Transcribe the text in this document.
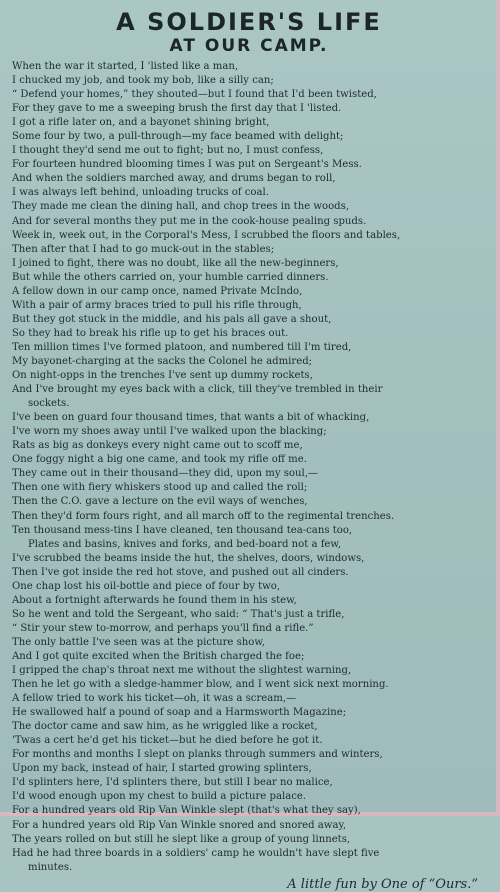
A SOLDIER'S LIFE
AT OUR CAMP.
When the war it started, I 'listed like a man,
I chucked my job, and took my bob, like a silly can;
“ Defend your homes,” they shouted—but I found that I'd been twisted,
For they gave to me a sweeping brush the first day that I 'listed.
I got a rifle later on, and a bayonet shining bright,
Some four by two, a pull-through—my face beamed with delight;
I thought they'd send me out to fight; but no, I must confess,
For fourteen hundred blooming times I was put on Sergeant's Mess.
And when the soldiers marched away, and drums began to roll,
I was always left behind, unloading trucks of coal.
They made me clean the dining hall, and chop trees in the woods,
And for several months they put me in the cook-house pealing spuds.
Week in, week out, in the Corporal's Mess, I scrubbed the floors and tables,
Then after that I had to go muck-out in the stables;
I joined to fight, there was no doubt, like all the new-beginners,
But while the others carried on, your humble carried dinners.
A fellow down in our camp once, named Private McIndo,
With a pair of army braces tried to pull his rifle through,
But they got stuck in the middle, and his pals all gave a shout,
So they had to break his rifle up to get his braces out.
Ten million times I've formed platoon, and numbered till I'm tired,
My bayonet-charging at the sacks the Colonel he admired;
On night-opps in the trenches I've sent up dummy rockets,
And I've brought my eyes back with a click, till they've trembled in their
sockets.
I've been on guard four thousand times, that wants a bit of whacking,
I've worn my shoes away until I've walked upon the blacking;
Rats as big as donkeys every night came out to scoff me,
One foggy night a big one came, and took my rifle off me.
They came out in their thousand—they did, upon my soul,—
Then one with fiery whiskers stood up and called the roll;
Then the C.O. gave a lecture on the evil ways of wenches,
Then they'd form fours right, and all march off to the regimental trenches.
Ten thousand mess-tins I have cleaned, ten thousand tea-cans too,
Plates and basins, knives and forks, and bed-board not a few,
I've scrubbed the beams inside the hut, the shelves, doors, windows,
Then I've got inside the red hot stove, and pushed out all cinders.
One chap lost his oil-bottle and piece of four by two,
About a fortnight afterwards he found them in his stew,
So he went and told the Sergeant, who said: “ That's just a trifle,
“ Stir your stew to-morrow, and perhaps you'll find a rifle.”
The only battle I've seen was at the picture show,
And I got quite excited when the British charged the foe;
I gripped the chap's throat next me without the slightest warning,
Then he let go with a sledge-hammer blow, and I went sick next morning.
A fellow tried to work his ticket—oh, it was a scream,—
He swallowed half a pound of soap and a Harmsworth Magazine;
The doctor came and saw him, as he wriggled like a rocket,
'Twas a cert he'd get his ticket—but he died before he got it.
For months and months I slept on planks through summers and winters,
Upon my back, instead of hair, I started growing splinters,
I'd splinters here, I'd splinters there, but still I bear no malice,
I'd wood enough upon my chest to build a picture palace.
For a hundred years old Rip Van Winkle slept (that's what they say),
For a hundred years old Rip Van Winkle snored and snored away,
The years rolled on but still he slept like a group of young linnets,
Had he had three boards in a soldiers' camp he wouldn't have slept five
minutes.
A little fun by One of “Ours.”
